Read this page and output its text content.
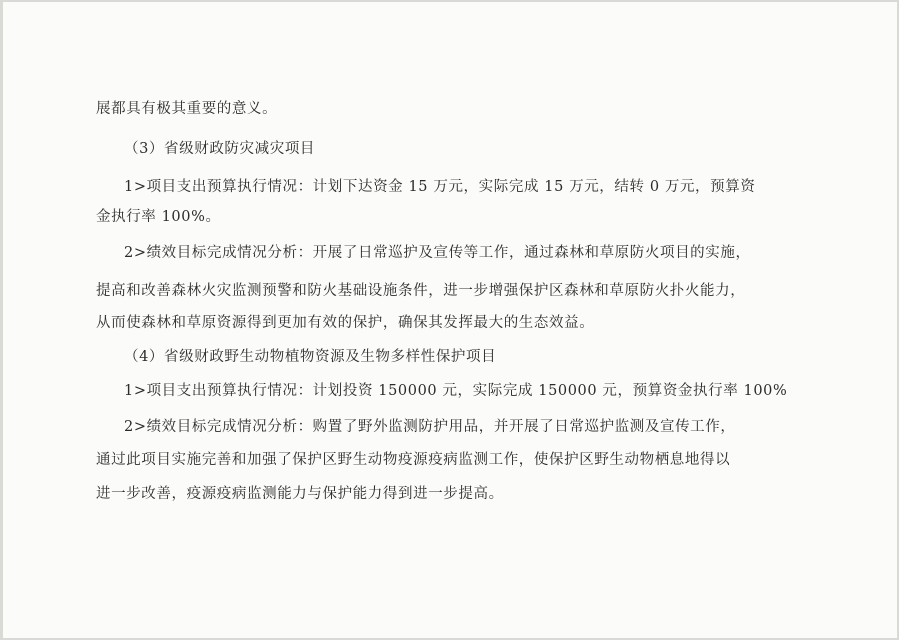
展都具有极其重要的意义。
（3）省级财政防灾减灾项目
1>项目支出预算执行情况：计划下达资金 15 万元，实际完成 15 万元，结转 0 万元，预算资
金执行率 100%。
2>绩效目标完成情况分析：开展了日常巡护及宣传等工作，通过森林和草原防火项目的实施，
提高和改善森林火灾监测预警和防火基础设施条件，进一步增强保护区森林和草原防火扑火能力，
从而使森林和草原资源得到更加有效的保护，确保其发挥最大的生态效益。
（4）省级财政野生动物植物资源及生物多样性保护项目
1>项目支出预算执行情况：计划投资 150000 元，实际完成 150000 元，预算资金执行率 100%
2>绩效目标完成情况分析：购置了野外监测防护用品，并开展了日常巡护监测及宣传工作，
通过此项目实施完善和加强了保护区野生动物疫源疫病监测工作，使保护区野生动物栖息地得以
进一步改善，疫源疫病监测能力与保护能力得到进一步提高。
